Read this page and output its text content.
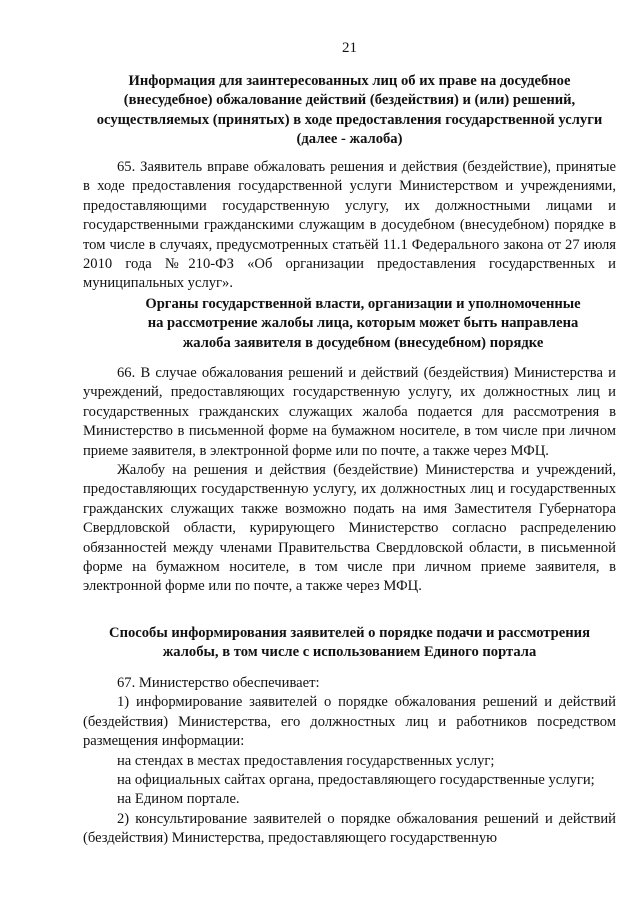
21
Информация для заинтересованных лиц об их праве на досудебное
(внесудебное) обжалование действий (бездействия) и (или) решений,
осуществляемых (принятых) в ходе предоставления государственной услуги
(далее - жалоба)

65. Заявитель вправе обжаловать решения и действия (бездействие), принятые в ходе предоставления государственной услуги Министерством и учреждениями, предоставляющими государственную услугу, их должностными лицами и государственными гражданскими служащим в досудебном (внесудебном) порядке в том числе в случаях, предусмотренных статьёй 11.1 Федерального закона от 27 июля 2010 года №210-ФЗ «Об организации предоставления государственных и муниципальных услуг».

Органы государственной власти, организации и уполномоченные
на рассмотрение жалобы лица, которым может быть направлена
жалоба заявителя в досудебном (внесудебном) порядке

66. В случае обжалования решений и действий (бездействия) Министерства и учреждений, предоставляющих государственную услугу, их должностных лиц и государственных гражданских служащих жалоба подается для рассмотрения в Министерство в письменной форме на бумажном носителе, в том числе при личном приеме заявителя, в электронной форме или по почте, а также через МФЦ.

Жалобу на решения и действия (бездействие) Министерства и учреждений, предоставляющих государственную услугу, их должностных лиц и государственных гражданских служащих также возможно подать на имя Заместителя Губернатора Свердловской области, курирующего Министерство согласно распределению обязанностей между членами Правительства Свердловской области, в письменной форме на бумажном носителе, в том числе при личном приеме заявителя, в электронной форме или по почте, а также через МФЦ.

Способы информирования заявителей о порядке подачи и рассмотрения
жалобы, в том числе с использованием Единого портала

67. Министерство обеспечивает:

1) информирование заявителей о порядке обжалования решений и действий (бездействия) Министерства, его должностных лиц и работников посредством размещения информации:

на стендах в местах предоставления государственных услуг;

на официальных сайтах органа, предоставляющего государственные услуги;

на Едином портале.

2) консультирование заявителей о порядке обжалования решений и действий (бездействия) Министерства, предоставляющего государственную
